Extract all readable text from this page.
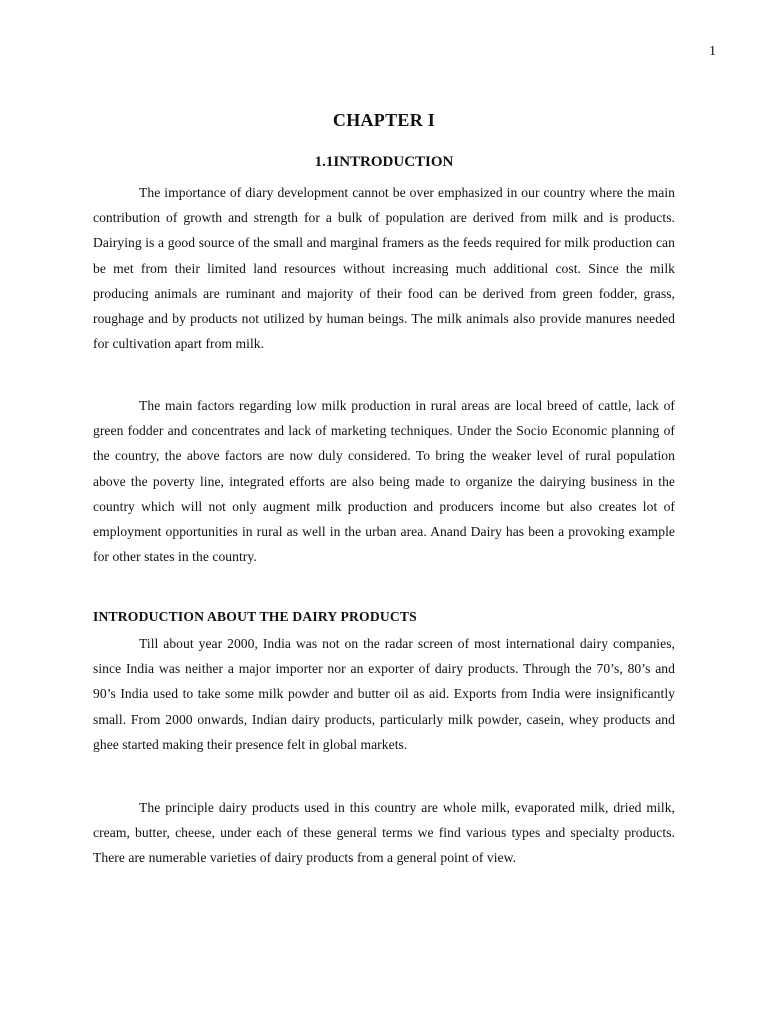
1
CHAPTER I
1.1INTRODUCTION

The importance of diary development cannot be over emphasized in our country where the main contribution of growth and strength for a bulk of population are derived from milk and is products. Dairying is a good source of the small and marginal framers as the feeds required for milk production can be met from their limited land resources without increasing much additional cost. Since the milk producing animals are ruminant and majority of their food can be derived from green fodder, grass, roughage and by products not utilized by human beings. The milk animals also provide manures needed for cultivation apart from milk.

The main factors regarding low milk production in rural areas are local breed of cattle, lack of green fodder and concentrates and lack of marketing techniques. Under the Socio Economic planning of the country, the above factors are now duly considered. To bring the weaker level of rural population above the poverty line, integrated efforts are also being made to organize the dairying business in the country which will not only augment milk production and producers income but also creates lot of employment opportunities in rural as well in the urban area. Anand Dairy has been a provoking example for other states in the country.

INTRODUCTION ABOUT THE DAIRY PRODUCTS

Till about year 2000, India was not on the radar screen of most international dairy companies, since India was neither a major importer nor an exporter of dairy products. Through the 70’s, 80’s and 90’s India used to take some milk powder and butter oil as aid. Exports from India were insignificantly small. From 2000 onwards, Indian dairy products, particularly milk powder, casein, whey products and ghee started making their presence felt in global markets.

The principle dairy products used in this country are whole milk, evaporated milk, dried milk, cream, butter, cheese, under each of these general terms we find various types and specialty products. There are numerable varieties of dairy products from a general point of view.
